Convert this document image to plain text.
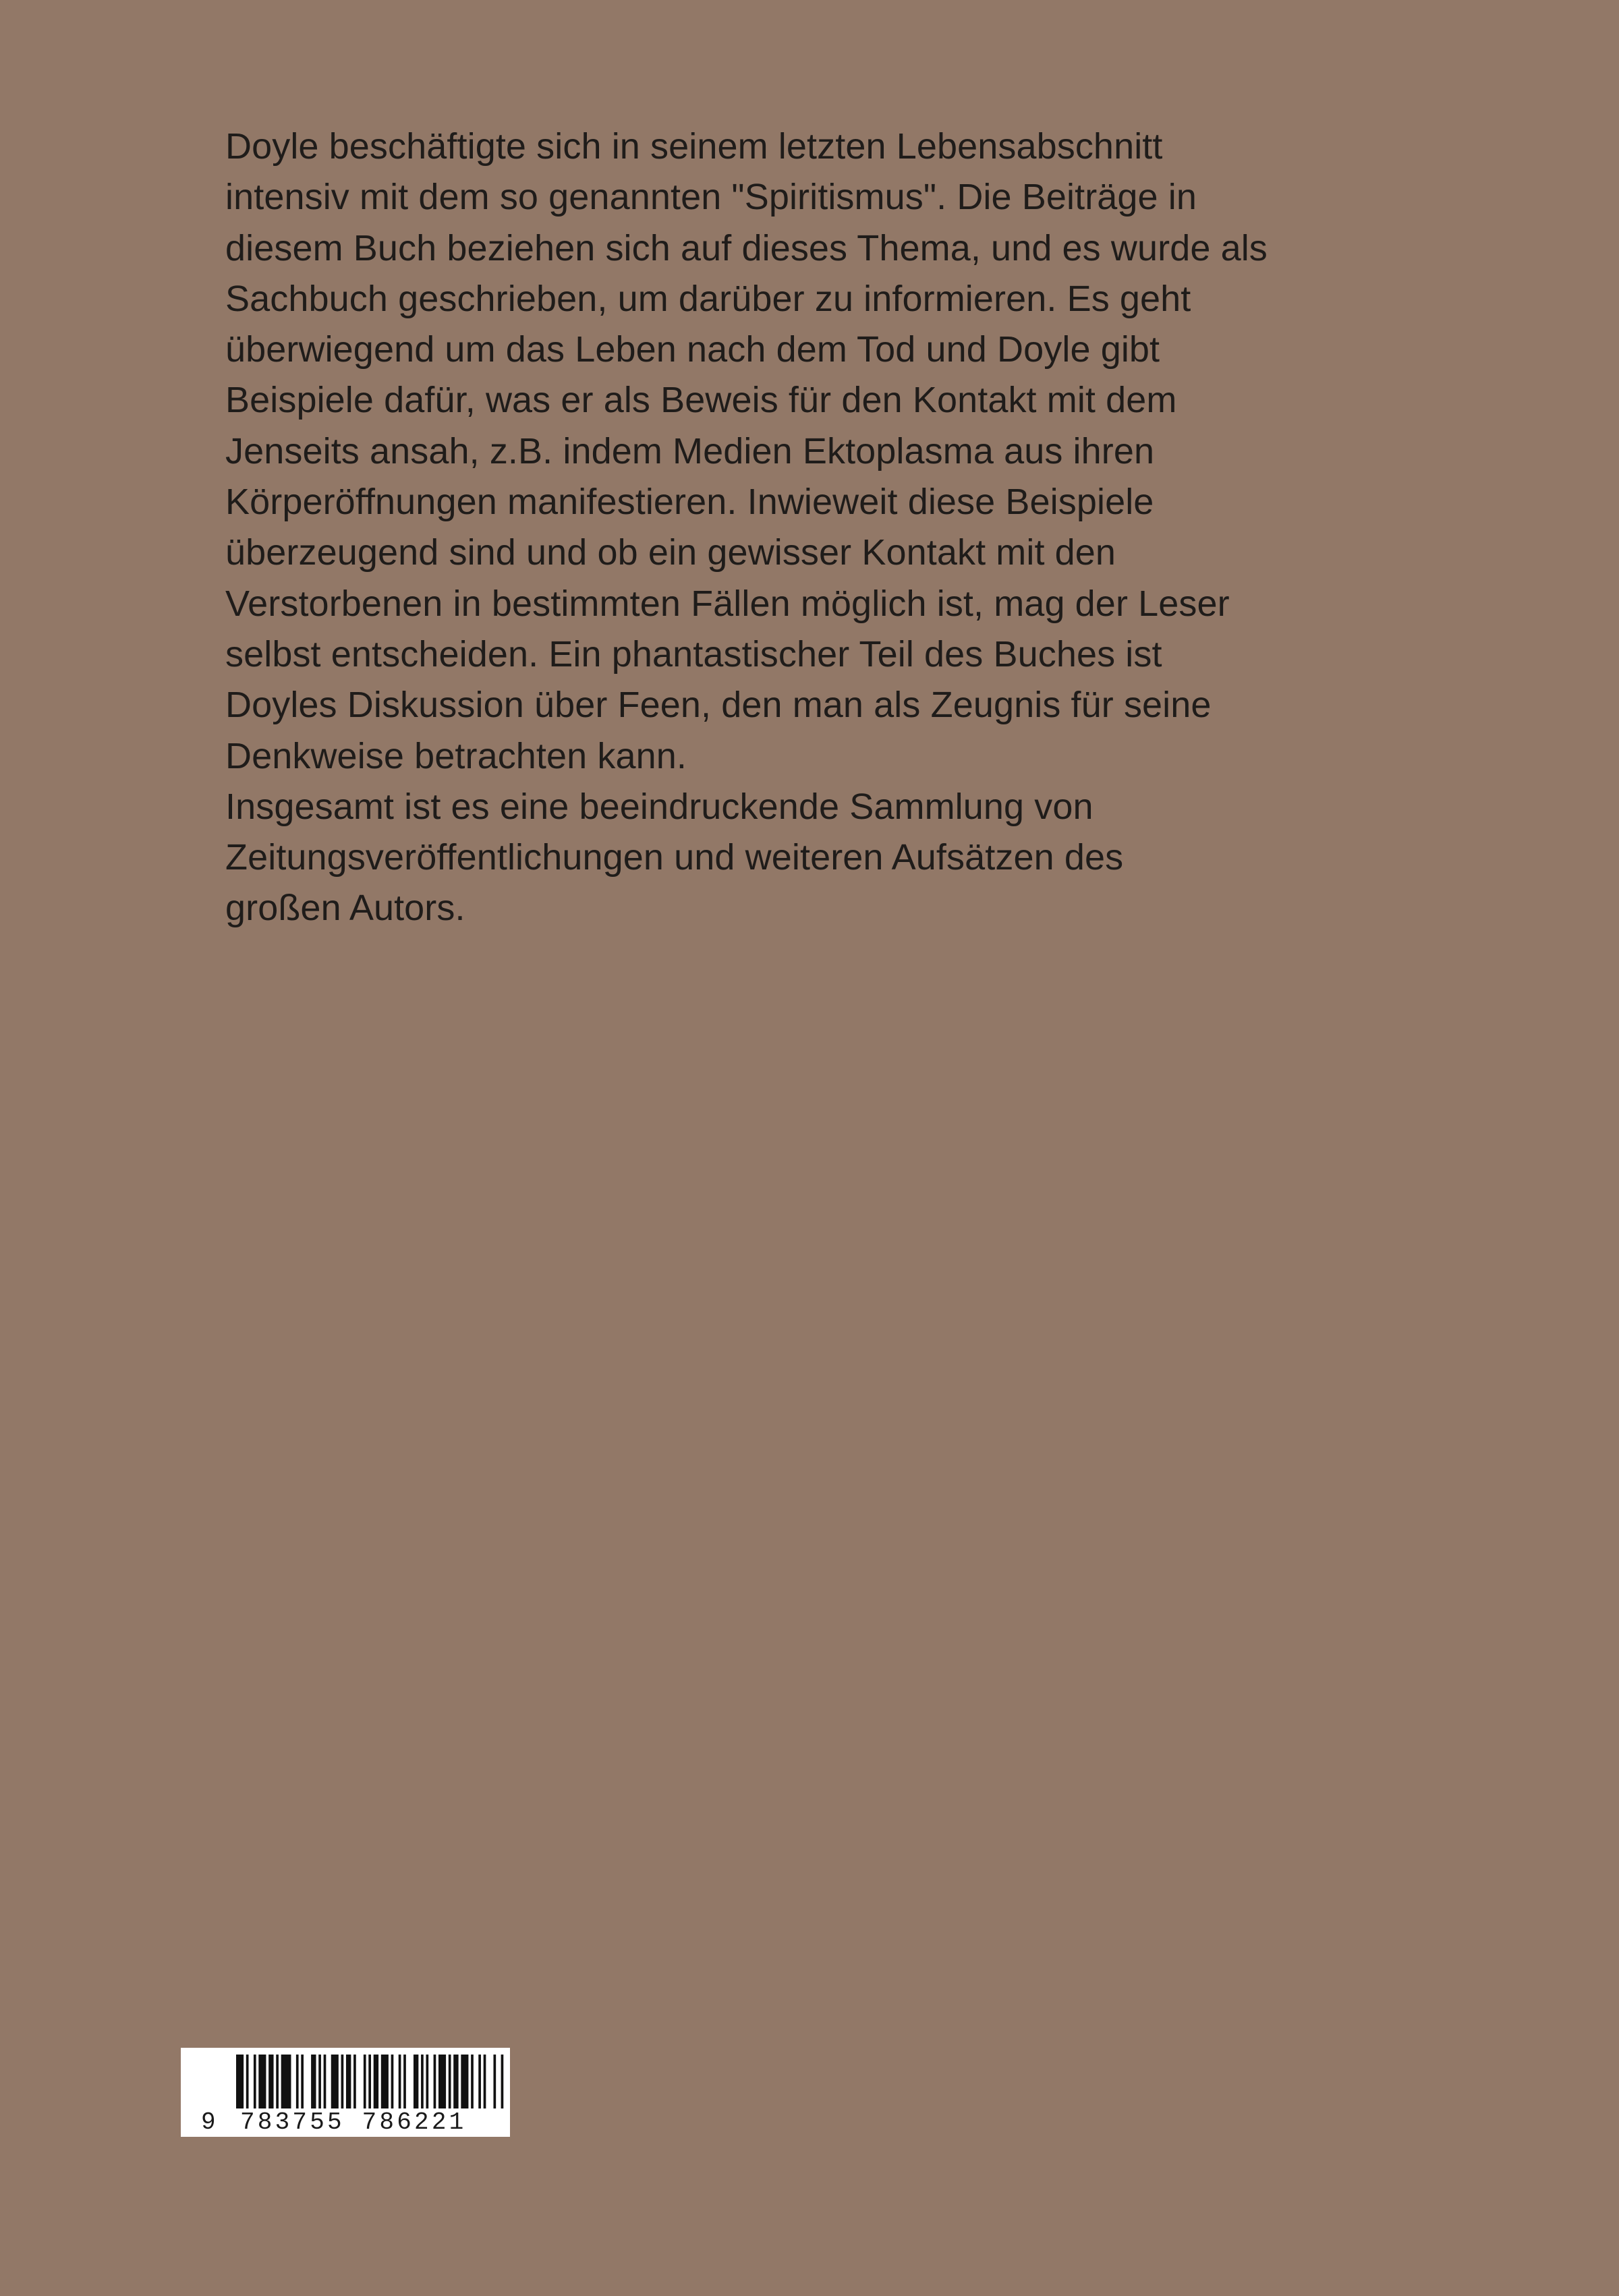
Doyle beschäftigte sich in seinem letzten Lebensabschnitt
intensiv mit dem so genannten "Spiritismus". Die Beiträge in
diesem Buch beziehen sich auf dieses Thema, und es wurde als
Sachbuch geschrieben, um darüber zu informieren. Es geht
überwiegend um das Leben nach dem Tod und Doyle gibt
Beispiele dafür, was er als Beweis für den Kontakt mit dem
Jenseits ansah, z.B. indem Medien Ektoplasma aus ihren
Körperöffnungen manifestieren. Inwieweit diese Beispiele
überzeugend sind und ob ein gewisser Kontakt mit den
Verstorbenen in bestimmten Fällen möglich ist, mag der Leser
selbst entscheiden. Ein phantastischer Teil des Buches ist
Doyles Diskussion über Feen, den man als Zeugnis für seine
Denkweise betrachten kann.
Insgesamt ist es eine beeindruckende Sammlung von
Zeitungsveröffentlichungen und weiteren Aufsätzen des
großen Autors.
9 783755 786221
